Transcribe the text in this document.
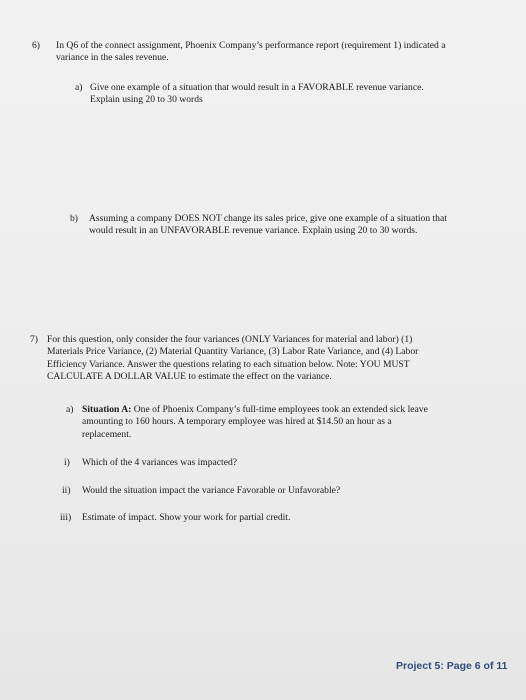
6) In Q6 of the connect assignment, Phoenix Company’s performance report (requirement 1) indicated a
variance in the sales revenue.
a) Give one example of a situation that would result in a FAVORABLE revenue variance.
Explain using 20 to 30 words
b) Assuming a company DOES NOT change its sales price, give one example of a situation that
would result in an UNFAVORABLE revenue variance. Explain using 20 to 30 words.
7) For this question, only consider the four variances (ONLY Variances for material and labor) (1)
Materials Price Variance, (2) Material Quantity Variance, (3) Labor Rate Variance, and (4) Labor
Efficiency Variance. Answer the questions relating to each situation below. Note: YOU MUST
CALCULATE A DOLLAR VALUE to estimate the effect on the variance.
a) Situation A: One of Phoenix Company’s full-time employees took an extended sick leave
amounting to 160 hours. A temporary employee was hired at $14.50 an hour as a
replacement.
i) Which of the 4 variances was impacted?
ii) Would the situation impact the variance Favorable or Unfavorable?
iii) Estimate of impact. Show your work for partial credit.
Project 5: Page 6 of 11
